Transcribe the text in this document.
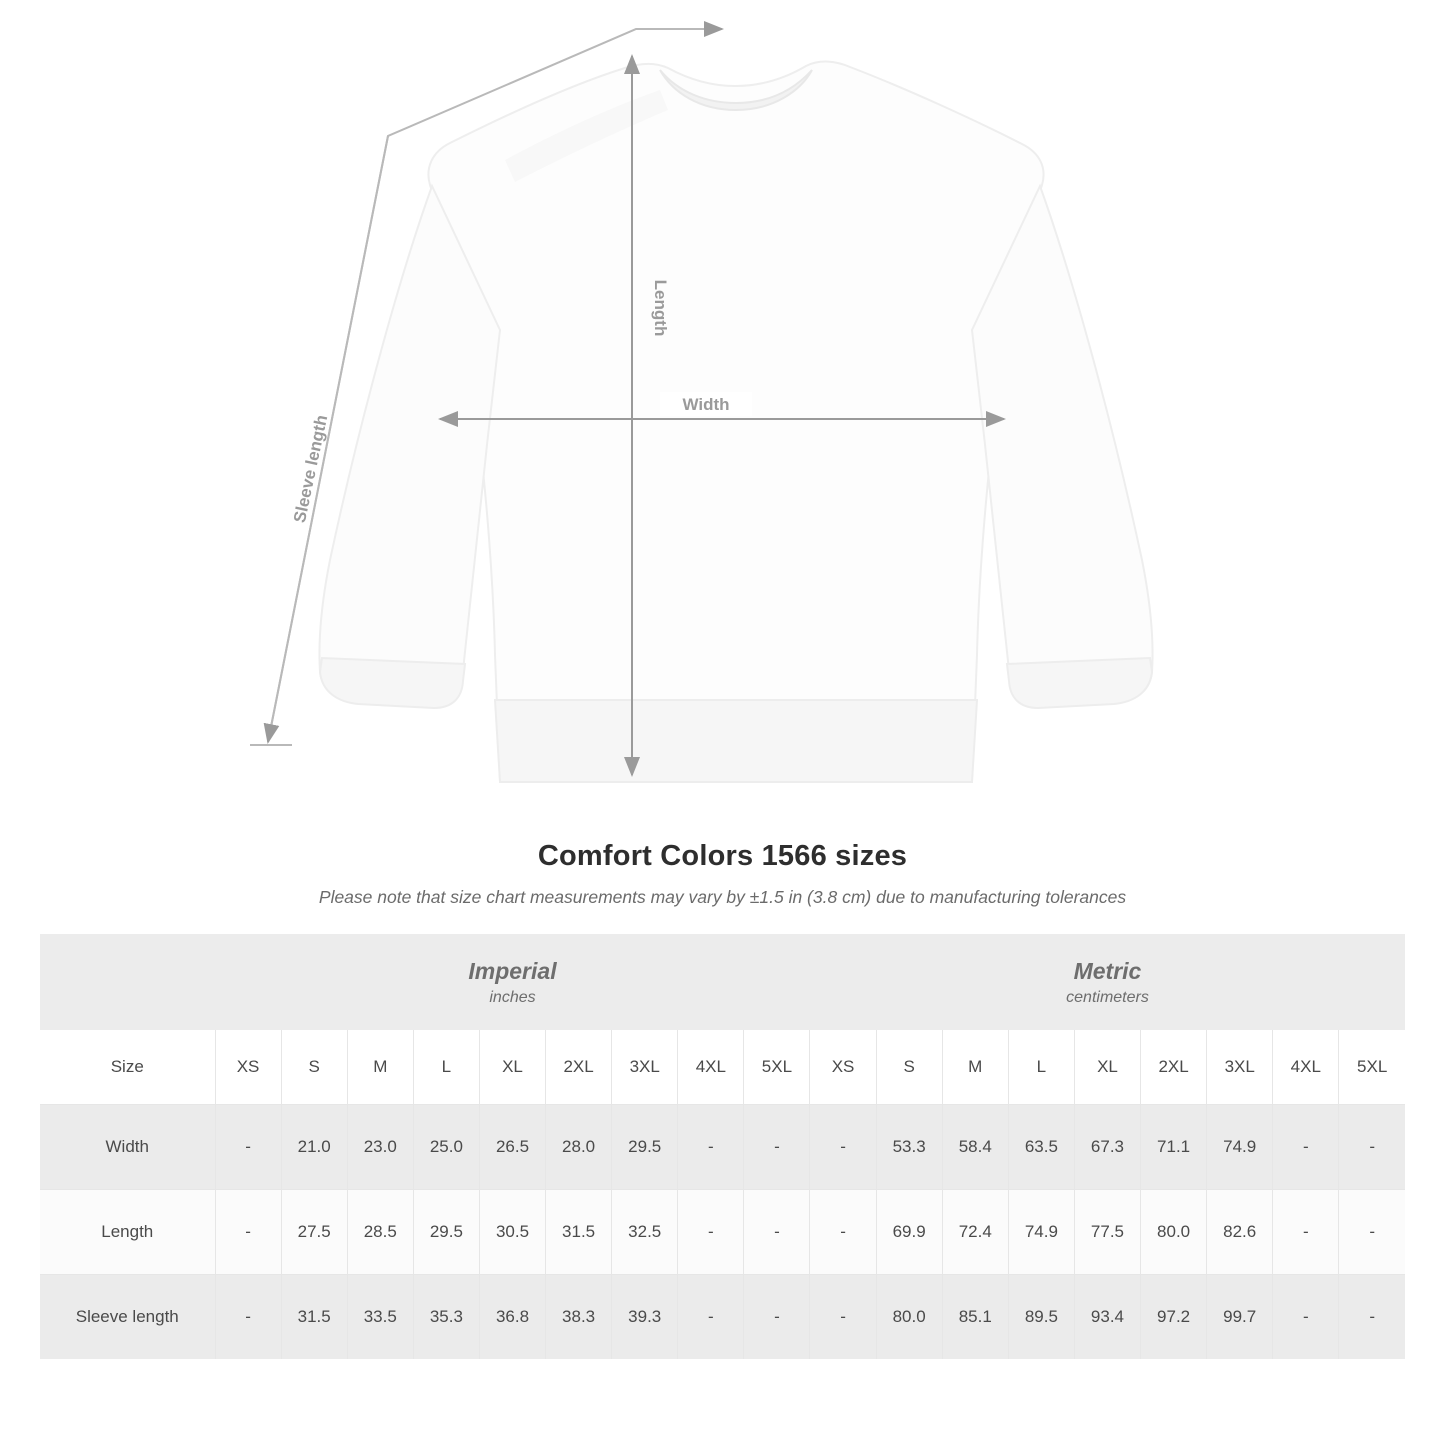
Sleeve length
Length
Width
Comfort Colors 1566 sizes
Please note that size chart measurements may vary by ±1.5 in (3.8 cm) due to manufacturing tolerances

Imperial
inches

Metric
centimeters

Size	XS	S	M	L	XL	2XL	3XL	4XL	5XL	XS	S	M	L	XL	2XL	3XL	4XL	5XL
Width	-	21.0	23.0	25.0	26.5	28.0	29.5	-	-	-	53.3	58.4	63.5	67.3	71.1	74.9	-	-
Length	-	27.5	28.5	29.5	30.5	31.5	32.5	-	-	-	69.9	72.4	74.9	77.5	80.0	82.6	-	-
Sleeve length	-	31.5	33.5	35.3	36.8	38.3	39.3	-	-	-	80.0	85.1	89.5	93.4	97.2	99.7	-	-
